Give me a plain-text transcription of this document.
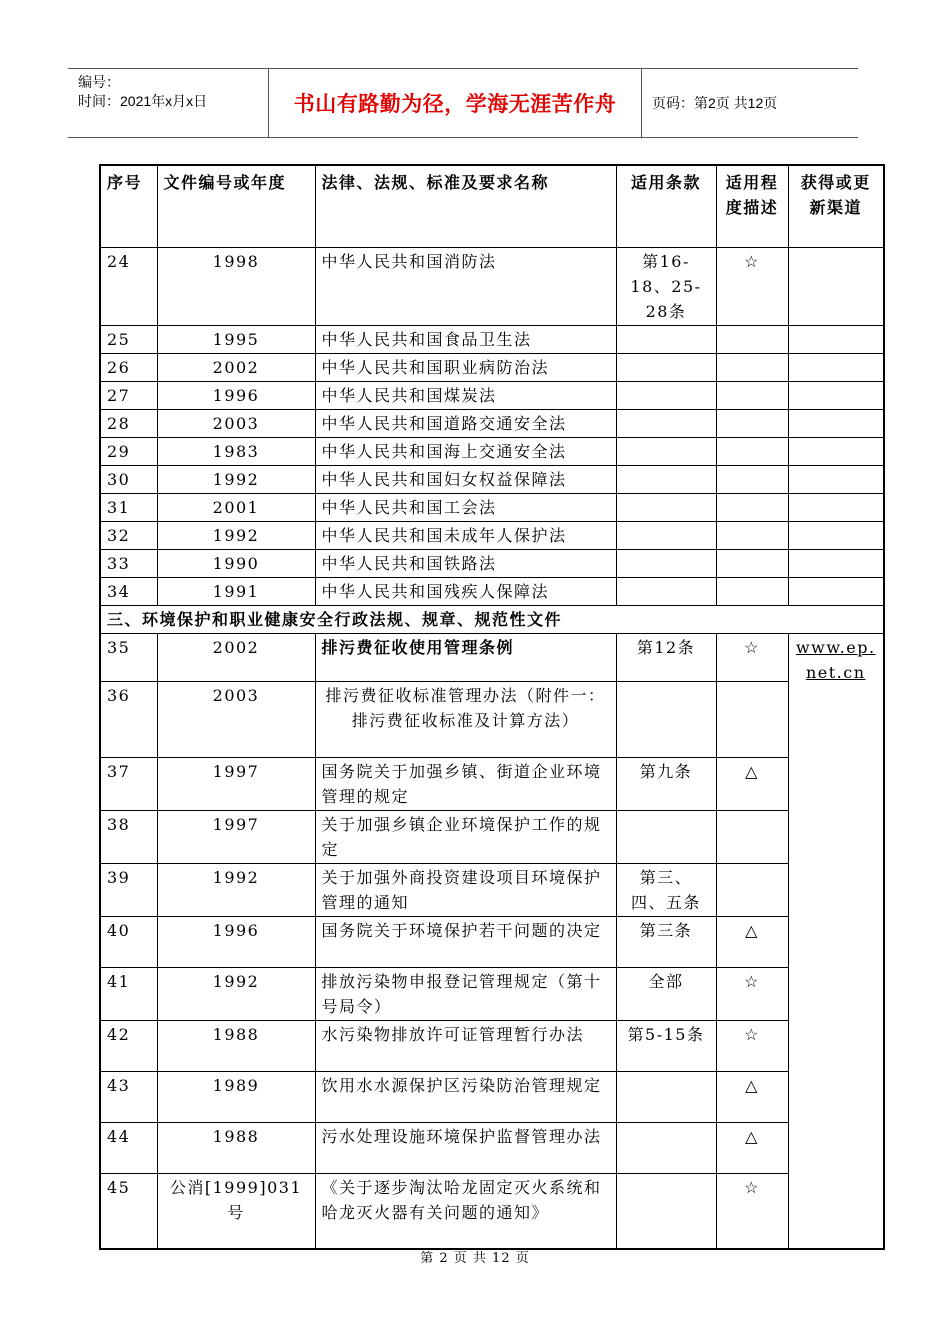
编号：
时间：2021年x月x日	书山有路勤为径，学海无涯苦作舟	页码：第2页 共12页
序号	文件编号或年度	法律、法规、标准及要求名称	适用条款	适用程度描述	获得或更新渠道
24	1998	中华人民共和国消防法	第16-18、25-28条	☆	
25	1995	中华人民共和国食品卫生法			
26	2002	中华人民共和国职业病防治法			
27	1996	中华人民共和国煤炭法			
28	2003	中华人民共和国道路交通安全法			
29	1983	中华人民共和国海上交通安全法			
30	1992	中华人民共和国妇女权益保障法			
31	2001	中华人民共和国工会法			
32	1992	中华人民共和国未成年人保护法			
33	1990	中华人民共和国铁路法			
34	1991	中华人民共和国残疾人保障法			
三、环境保护和职业健康安全行政法规、规章、规范性文件					
35	2002	排污费征收使用管理条例	第12条	☆	www.ep.net.cn

36	2003	排污费征收标准管理办法（附件一：排污费征收标准及计算方法）			
37	1997	国务院关于加强乡镇、街道企业环境管理的规定	第九条	△	
38	1997	关于加强乡镇企业环境保护工作的规定			
39	1992	关于加强外商投资建设项目环境保护管理的通知	第三、四、五条		
40	1996	国务院关于环境保护若干问题的决定	第三条	△	
41	1992	排放污染物申报登记管理规定（第十号局令）	全部	☆	
42	1988	水污染物排放许可证管理暂行办法	第5-15条	☆	
43	1989	饮用水水源保护区污染防治管理规定		△	
44	1988	污水处理设施环境保护监督管理办法		△	
45	公消[1999]031号	《关于逐步淘汰哈龙固定灭火系统和哈龙灭火器有关问题的通知》		☆	
第 2 页 共 12 页
